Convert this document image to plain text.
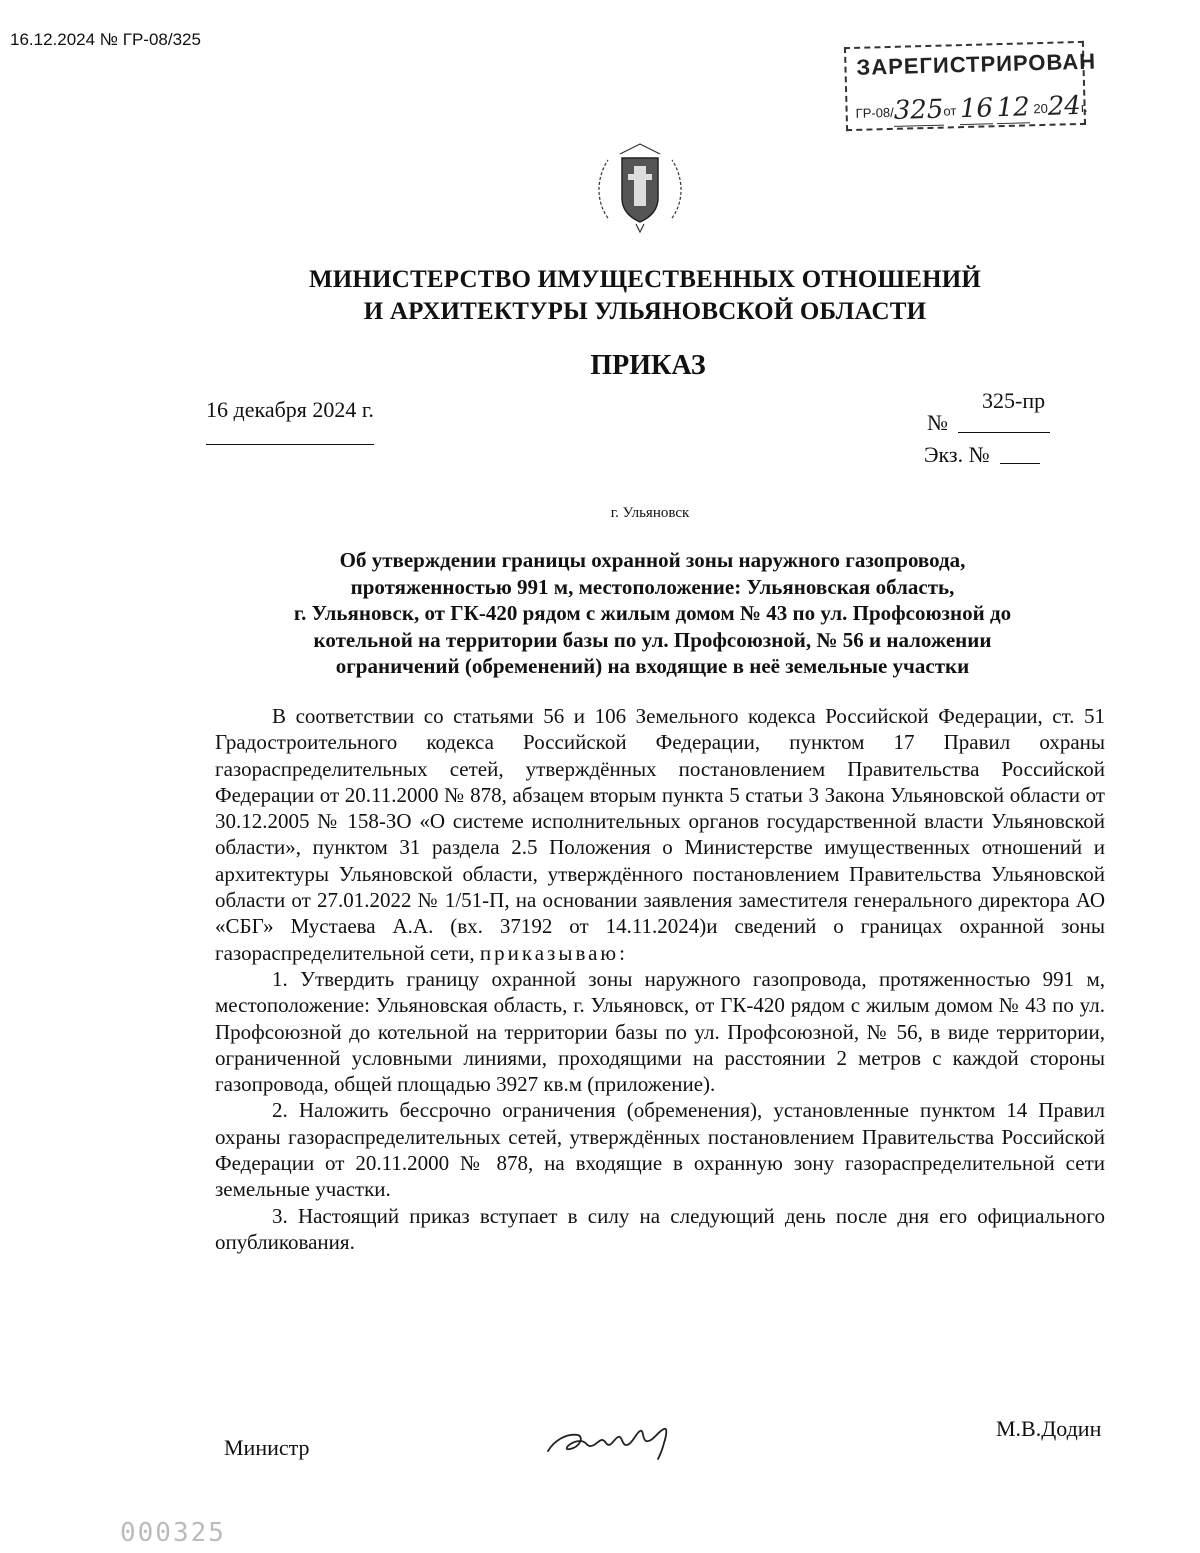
16.12.2024 № ГР-08/325
ЗАРЕГИСТРИРОВАН
ГР-08/325от 16 12 2024г.
МИНИСТЕРСТВО ИМУЩЕСТВЕННЫХ ОТНОШЕНИЙ
И АРХИТЕКТУРЫ УЛЬЯНОВСКОЙ ОБЛАСТИ
ПРИКАЗ
16 декабря 2024 г.	325-пр
№
Экз. №
г. Ульяновск
Об утверждении границы охранной зоны наружного газопровода,
протяженностью 991 м, местоположение: Ульяновская область,
г. Ульяновск, от ГК-420 рядом с жилым домом № 43 по ул. Профсоюзной до
котельной на территории базы по ул. Профсоюзной, № 56 и наложении
ограничений (обременений) на входящие в неё земельные участки

В соответствии со статьями 56 и 106 Земельного кодекса Российской Федерации, ст. 51 Градостроительного кодекса Российской Федерации, пунктом 17 Правил охраны газораспределительных сетей, утверждённых постановлением Правительства Российской Федерации от 20.11.2000 № 878, абзацем вторым пункта 5 статьи 3 Закона Ульяновской области от 30.12.2005 № 158-ЗО «О системе исполнительных органов государственной власти Ульяновской области», пунктом 31 раздела 2.5 Положения о Министерстве имущественных отношений и архитектуры Ульяновской области, утверждённого постановлением Правительства Ульяновской области от 27.01.2022 № 1/51-П, на основании заявления заместителя генерального директора АО «СБГ» Мустаева А.А. (вх. 37192 от 14.11.2024)и сведений о границах охранной зоны газораспределительной сети, приказываю:

1. Утвердить границу охранной зоны наружного газопровода, протяженностью 991 м, местоположение: Ульяновская область, г. Ульяновск, от ГК-420 рядом с жилым домом № 43 по ул. Профсоюзной до котельной на территории базы по ул. Профсоюзной, № 56, в виде территории, ограниченной условными линиями, проходящими на расстоянии 2 метров с каждой стороны газопровода, общей площадью 3927 кв.м (приложение).

2. Наложить бессрочно ограничения (обременения), установленные пунктом 14 Правил охраны газораспределительных сетей, утверждённых постановлением Правительства Российской Федерации от 20.11.2000 № 878, на входящие в охранную зону газораспределительной сети земельные участки.

3. Настоящий приказ вступает в силу на следующий день после дня его официального опубликования.

Министр
М.В.Додин
000325
